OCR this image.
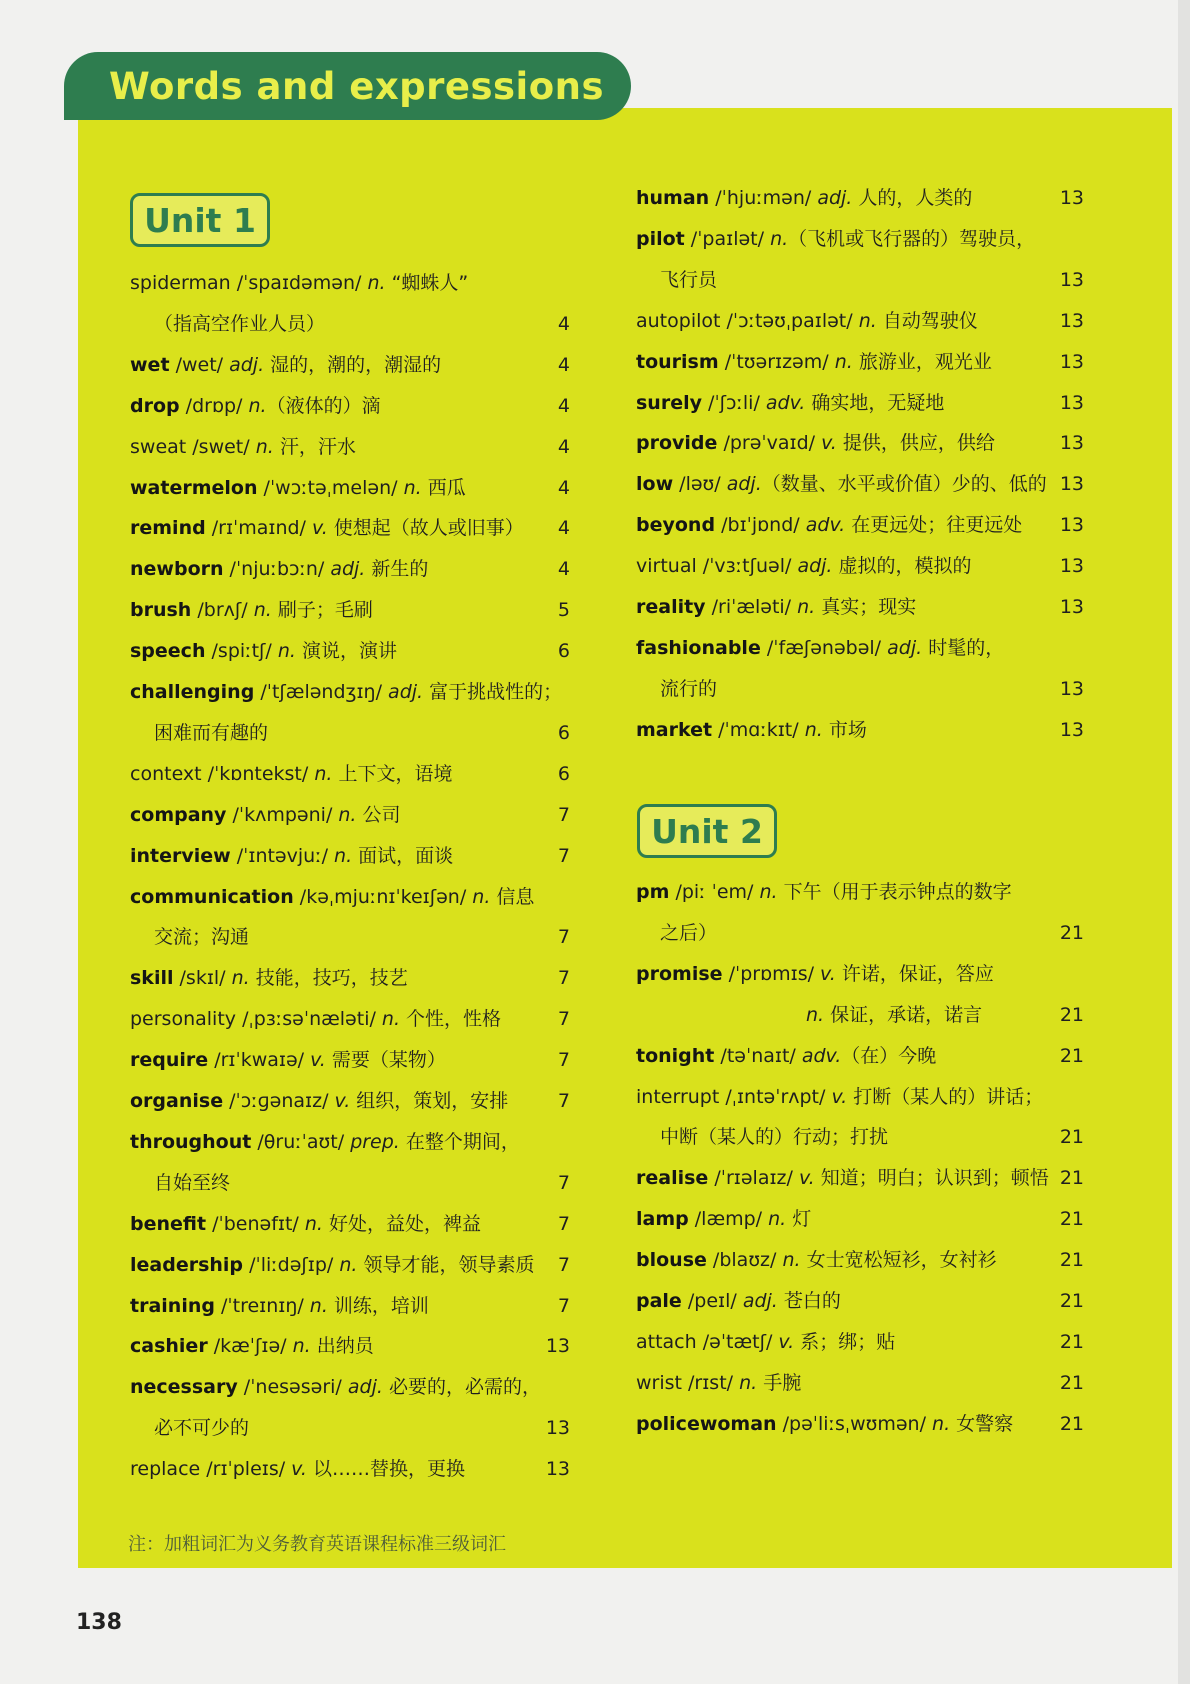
Words and expressions
Unit 1
Unit 2
注：加粗词汇为义务教育英语课程标准三级词汇
138
spiderman /ˈspaɪdəmən/ n. “蜘蛛人”
（指高空作业人员）	4
wet /wet/ adj. 湿的，潮的，潮湿的	4
drop /drɒp/ n.（液体的）滴	4
sweat /swet/ n. 汗，汗水	4
watermelon /ˈwɔːtəˌmelən/ n. 西瓜	4
remind /rɪˈmaɪnd/ v. 使想起（故人或旧事）	4
newborn /ˈnjuːbɔːn/ adj. 新生的	4
brush /brʌʃ/ n. 刷子；毛刷	5
speech /spiːtʃ/ n. 演说，演讲	6
challenging /ˈtʃæləndʒɪŋ/ adj. 富于挑战性的；
困难而有趣的	6
context /ˈkɒntekst/ n. 上下文，语境	6
company /ˈkʌmpəni/ n. 公司	7
interview /ˈɪntəvjuː/ n. 面试，面谈	7
communication /kəˌmjuːnɪˈkeɪʃən/ n. 信息
交流；沟通	7
skill /skɪl/ n. 技能，技巧，技艺	7
personality /ˌpɜːsəˈnæləti/ n. 个性，性格	7
require /rɪˈkwaɪə/ v. 需要（某物）	7
organise /ˈɔːɡənaɪz/ v. 组织，策划，安排	7
throughout /θruːˈaʊt/ prep. 在整个期间，
自始至终	7
benefit /ˈbenəfɪt/ n. 好处，益处，裨益	7
leadership /ˈliːdəʃɪp/ n. 领导才能，领导素质	7
training /ˈtreɪnɪŋ/ n. 训练，培训	7
cashier /kæˈʃɪə/ n. 出纳员	13
necessary /ˈnesəsəri/ adj. 必要的，必需的，
必不可少的	13
replace /rɪˈpleɪs/ v. 以……替换，更换	13
human /ˈhjuːmən/ adj. 人的，人类的	13
pilot /ˈpaɪlət/ n.（飞机或飞行器的）驾驶员，
飞行员	13
autopilot /ˈɔːtəʊˌpaɪlət/ n. 自动驾驶仪	13
tourism /ˈtʊərɪzəm/ n. 旅游业，观光业	13
surely /ˈʃɔːli/ adv. 确实地，无疑地	13
provide /prəˈvaɪd/ v. 提供，供应，供给	13
low /ləʊ/ adj.（数量、水平或价值）少的、低的 13
beyond /bɪˈjɒnd/ adv. 在更远处；往更远处	13
virtual /ˈvɜːtʃuəl/ adj. 虚拟的，模拟的	13
reality /riˈæləti/ n. 真实；现实	13
fashionable /ˈfæʃənəbəl/ adj. 时髦的，
流行的	13
market /ˈmɑːkɪt/ n. 市场	13
pm /piː ˈem/ n. 下午（用于表示钟点的数字
之后）	21
promise /ˈprɒmɪs/ v. 许诺，保证，答应
n. 保证，承诺，诺言	21
tonight /təˈnaɪt/ adv.（在）今晚	21
interrupt /ˌɪntəˈrʌpt/ v. 打断（某人的）讲话；
中断（某人的）行动；打扰	21
realise /ˈrɪəlaɪz/ v. 知道；明白；认识到；顿悟 21
lamp /læmp/ n. 灯	21
blouse /blaʊz/ n. 女士宽松短衫，女衬衫	21
pale /peɪl/ adj. 苍白的	21
attach /əˈtætʃ/ v. 系；绑；贴	21
wrist /rɪst/ n. 手腕	21
policewoman /pəˈliːsˌwʊmən/ n. 女警察	21
